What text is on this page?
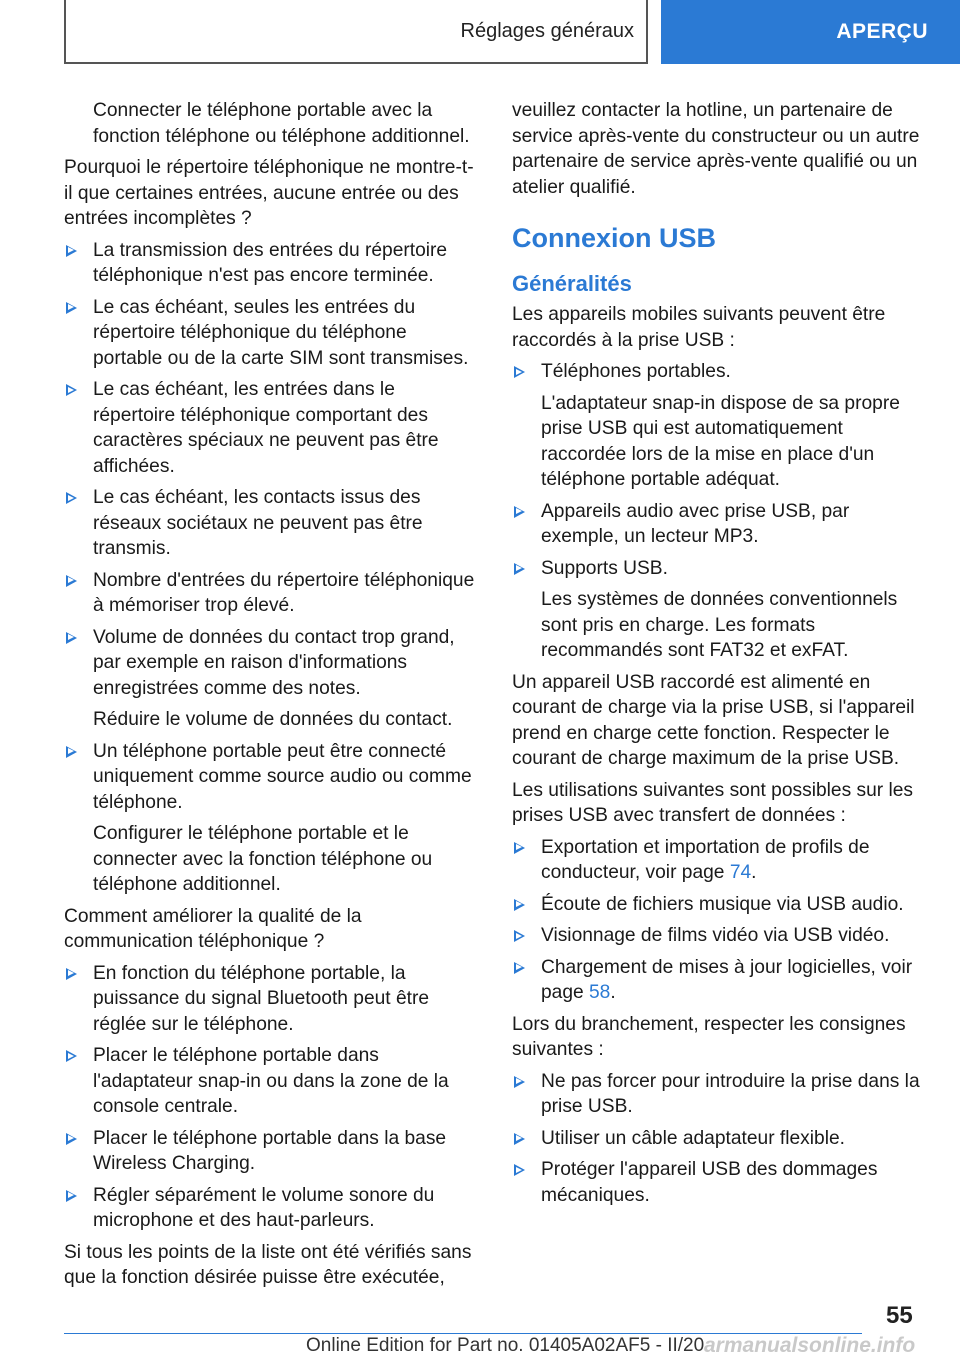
Réglages généraux	APERÇU

Connecter le téléphone portable avec la fonction téléphone ou téléphone additionnel.

Pourquoi le répertoire téléphonique ne montre-t-il que certaines entrées, aucune entrée ou des entrées incomplètes ?

La transmission des entrées du répertoire téléphonique n'est pas encore terminée.
Le cas échéant, seules les entrées du répertoire téléphonique du téléphone portable ou de la carte SIM sont transmises.
Le cas échéant, les entrées dans le répertoire téléphonique comportant des caractères spéciaux ne peuvent pas être affichées.
Le cas échéant, les contacts issus des réseaux sociétaux ne peuvent pas être transmis.
Nombre d'entrées du répertoire téléphonique à mémoriser trop élevé.
Volume de données du contact trop grand, par exemple en raison d'informations enregistrées comme des notes.

Réduire le volume de données du contact.

Un téléphone portable peut être connecté uniquement comme source audio ou comme téléphone.

Configurer le téléphone portable et le connecter avec la fonction téléphone ou téléphone additionnel.

Comment améliorer la qualité de la communication téléphonique ?

En fonction du téléphone portable, la puissance du signal Bluetooth peut être réglée sur le téléphone.
Placer le téléphone portable dans l'adaptateur snap-in ou dans la zone de la console centrale.
Placer le téléphone portable dans la base Wireless Charging.
Régler séparément le volume sonore du microphone et des haut-parleurs.

Si tous les points de la liste ont été vérifiés sans que la fonction désirée puisse être exécutée,

veuillez contacter la hotline, un partenaire de service après-vente du constructeur ou un autre partenaire de service après-vente qualifié ou un atelier qualifié.

Connexion USB
Généralités

Les appareils mobiles suivants peuvent être raccordés à la prise USB :

Téléphones portables.

L'adaptateur snap-in dispose de sa propre prise USB qui est automatiquement raccordée lors de la mise en place d'un téléphone portable adéquat.

Appareils audio avec prise USB, par exemple, un lecteur MP3.
Supports USB.

Les systèmes de données conventionnels sont pris en charge. Les formats recommandés sont FAT32 et exFAT.

Un appareil USB raccordé est alimenté en courant de charge via la prise USB, si l'appareil prend en charge cette fonction. Respecter le courant de charge maximum de la prise USB.

Les utilisations suivantes sont possibles sur les prises USB avec transfert de données :

Exportation et importation de profils de conducteur, voir page 74.
Écoute de fichiers musique via USB audio.
Visionnage de films vidéo via USB vidéo.
Chargement de mises à jour logicielles, voir page 58.

Lors du branchement, respecter les consignes suivantes :

Ne pas forcer pour introduire la prise dans la prise USB.
Utiliser un câble adaptateur flexible.
Protéger l'appareil USB des dommages mécaniques.
55
Online Edition for Part no. 01405A02AF5 - II/20 armanualsonline.info
